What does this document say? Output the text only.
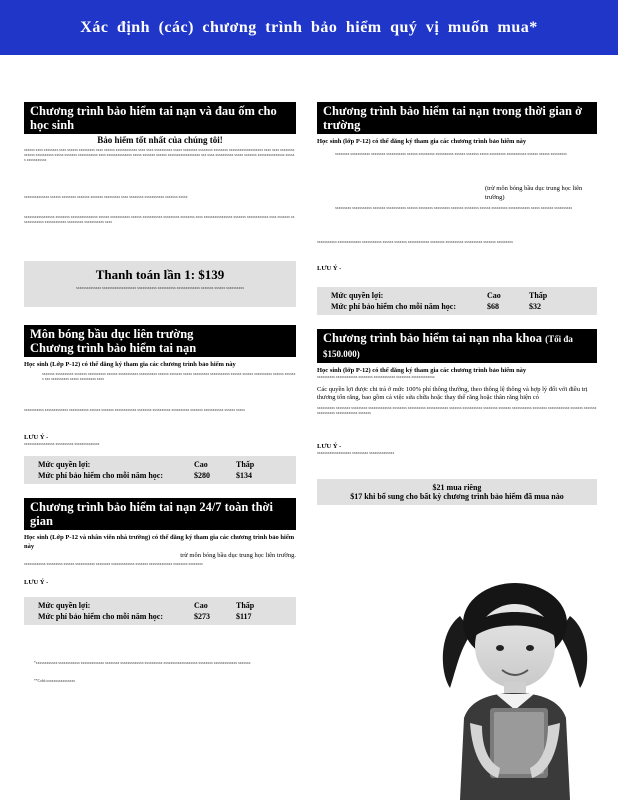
Xác định (các) chương trình bảo hiểm quý vị muốn mua*
Chương trình bảo hiểm tai nạn và đau ốm cho học sinh
Bảo hiểm tốt nhất của chúng tôi!
xxxxxx xxxx xxxxxxxx xxxx xxxxxx xxxxxxxxx xxxx xxxxxx xxxxxxxxxxxx xxxx xxxx xxxxxxxxxx xxxxx xxxxxxxx xxxxxxxx xxxxxxxx xxxxxxxxxxxxxxxxxxx xxxx xxxx xxxxxxxxxxxxxx xxxxxxxxxx xxxxx xxxxxxx xxxxxxxxxxx xxxx xxxxxxxxxxxxxx xxxxx xxxxxxx xxxxxx xxxxxxxxxxxxxxxxxx xxx xxxx xxxxxxxxxx xxxxx xxxxxxx xxxxxxxxxxxxxxx xxxxxx xxxxxxxxxxx
xxxxxxxxxxxxxx xxxxxx xxxxxxxx xxxxxxx xxxxxxx xxxxxxxxx xxxx xxxxxxxx xxxxxxxxxxx xxxxxxx xxxxx
xxxxxxxxxxxxxxxxx xxxxxxxx xxxxxxxxxxxxxxx xxxxxx xxxxxxxxxxx xxxxxx xxxxxxxxxxx xxxxxxxxx xxxxxxxx xxxx xxxxxxxxxxxxxxxx xxxxxxx xxxxxxxxxxxx xxxx xxxxxxx xxxxxxxxxxxxx xxxxxxxxxxxx xxxxxxxxx xxxxxxxxxxx xxxx
Thanh toán lần 1: $139
xxxxxxxxxxxxxx xxxxxxxxxxxxxxxxxxx xxxxxxxxxxx xxxxxxxxxx xxxxxxxxxxxxx xxxxxxx xxxxxx xxxxxxxxxx
Môn bóng bầu dục liên trường
Chương trình bảo hiểm tai nạn
Học sinh (Lớp P-12) có thể đăng ký tham gia các chương trình bảo hiểm này
xxxxxxx xxxxxxxxxx xxxxxxx xxxxxxxxxx xxxxxx xxxxxxxxxxx xxxxxxxxxx xxxxxx xxxxxxx xxxxx xxxxxxxxx xxxxxxxxxxx xxxxxx xxxxxx xxxxxxxxxx xxxxxx xxxxxxx xxx xxxxxxxxxx xxxxx xxxxxxxxx xxxx
xxxxxxxxxxx xxxxxxxxxxxxx xxxxxxxxxxx xxxxxx xxxxxxx xxxxxxxxxxxx xxxxxxxx xxxxxxxxxx xxxxxxxxxx xxxxxxx xxxxxxxxxxx xxxxxx xxxxx
LƯU Ý -
xxxxxxxxxxxxxxxxx xxxxxxxxxx xxxxxxxxxxxxxx
Mức quyền lợi:	Cao	Thấp
Mức phí bảo hiểm cho mỗi năm học:	$280	$134
Chương trình bảo hiểm tai nạn 24/7 toàn thời gian
Học sinh (Lớp P-12 và nhân viên nhà trường) có thể đăng ký tham gia các chương trình bảo hiểm này
trừ môn bóng bầu dục trung học liên trường.
xxxxxxxxxxxx xxxxxxxxx xxxxxx xxxxxxxxxxx xxxxxxxx xxxxxxxxxxxxx xxxxxxx xxxxxxxxxxxxx xxxxxxxx xxxxxxxx
LƯU Ý -
Mức quyền lợi:	Cao	Thấp
Mức phí bảo hiểm cho mỗi năm học:	$273	$117
*xxxxxxxxxxxx xxxxxxxxxxxx xxxxxxxxxxxxx xxxxxxxx xxxxxxxxxxxxx xxxxxxxxxx xxxxxxxxxxxxxxxxxxx xxxxxxxx xxxxxxxxxxxxx xxxxxxx
**Cobü xxxxxxxxxxxxxxxx
Chương trình bảo hiểm tai nạn trong thời gian ở trường
Học sinh (lớp P-12) có thể đăng ký tham gia các chương trình bảo hiểm này
xxxxxxxx xxxxxxxxxxx xxxxxxxx xxxxxxxxxxx xxxxxx xxxxxxxxx xxxxxxxxxx xxxxxx xxxxxxx xxxxx xxxxxxxxx xxxxxxxxxxx xxxxxx xxxxxx xxxxxxxxx
(trừ môn bóng bầu dục trung học liên trường)
xxxxxxxxx xxxxxxxxxxx xxxxxxx xxxxxxxxxxx xxxxxx xxxxxxxx xxxxxxxxx xxxxxxx xxxxxxxx xxxxxx xxxxxxxxx xxxxxxxxxxxx xxxxx xxxxxxx xxxxxxxxxx
xxxxxxxxxxx xxxxxxxxxxxxx xxxxxxxxxxx xxxxxx xxxxxxx xxxxxxxxxxxx xxxxxxxx xxxxxxxxxx xxxxxxxxxx xxxxxxx xxxxxxxxx
LƯU Ý -
Mức quyền lợi:	Cao	Thấp
Mức phí bảo hiểm cho mỗi năm học:	$68	$32
Chương trình bảo hiểm tai nạn nha khoa (Tối đa $150.000)
Học sinh (lớp P-12) có thể đăng ký tham gia các chương trình bảo hiểm này
xxxxxxxxxx xxxxxxxxxxxx xxxxxxxx xxxxxxxxxxxx xxxxxxxx xxxxxxxxxxxxx
Các quyền lợi được chi trả ở mức 100% phí thông thường, theo thông lệ thông và hợp lý đối với điều trị thương tổn răng, bao gồm cả việc sửa chữa hoặc thay thế răng hoặc thân răng hiện có
xxxxxxxxxx xxxxxxxx xxxxxxxxx xxxxxxxxxxxxx xxxxxxxx xxxxxxxxxx xxxxxxxxxxxx xxxxxxx xxxxxxxxxxx xxxxxxxx xxxxxxx xxxxxxxxxxx xxxxxxxx xxxxxxxxxxxx xxxxxxx xxxxxxx xxxxxxxxxx xxxxxxxxxxxx xxxxxxx
LƯU Ý -
xxxxxxxxxxxxxxxxxxx xxxxxxxxx xxxxxxxxxxxxxx
$21 mua riêng
$17 khi bổ sung cho bất kỳ chương trình bảo hiểm đã mua nào
